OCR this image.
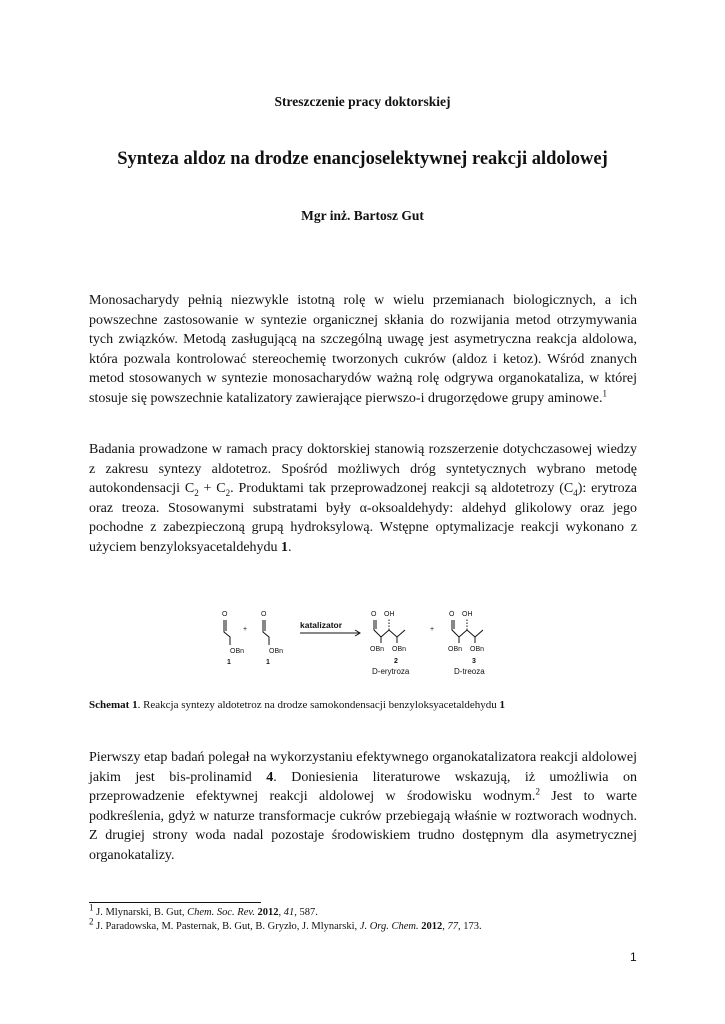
Streszczenie pracy doktorskiej
Synteza aldoz na drodze enancjoselektywnej reakcji aldolowej
Mgr inż. Bartosz Gut

Monosacharydy pełnią niezwykle istotną rolę w wielu przemianach biologicznych, a ich powszechne zastosowanie w syntezie organicznej skłania do rozwijania metod otrzymywania tych związków. Metodą zasługującą na szczególną uwagę jest asymetryczna reakcja aldolowa, która pozwala kontrolować stereochemię tworzonych cukrów (aldoz i ketoz). Wśród znanych metod stosowanych w syntezie monosacharydów ważną rolę odgrywa organokataliza, w której stosuje się powszechnie katalizatory zawierające pierwszo-i drugorzędowe grupy aminowe.$^1$

Badania prowadzone w ramach pracy doktorskiej stanowią rozszerzenie dotychczasowej wiedzy z zakresu syntezy aldotetroz. Spośród możliwych dróg syntetycznych wybrano metodę autokondensacji $C_2 + C_2$. Produktami tak przeprowadzonej reakcji są aldotetrozy $(C_4)$: erytroza oraz treoza. Stosowanymi substratami były α-oksoaldehydy: aldehyd glikolowy oraz jego pochodne z zabezpieczoną grupą hydroksylową. Wstępne optymalizacje reakcji wykonano z użyciem benzyloksyacetaldehydu 1.

O
+
OBn
1
O
OBn
1
katalizator
O OH
OBn OBn
2
D-erytroza
+
O OH
OBn OBn
3
D-treoza
Schemat 1. Reakcja syntezy aldotetroz na drodze samokondensacji benzyloksyacetaldehydu 1

Pierwszy etap badań polegał na wykorzystaniu efektywnego organokatalizatora reakcji aldolowej jakim jest bis-prolinamid 4. Doniesienia literaturowe wskazują, iż umożliwia on przeprowadzenie efektywnej reakcji aldolowej w środowisku wodnym.$^2$ Jest to warte podkreślenia, gdyż w naturze transformacje cukrów przebiegają właśnie w roztworach wodnych. Z drugiej strony woda nadal pozostaje środowiskiem trudno dostępnym dla asymetrycznej organokatalizy.

$^1$ J. Mlynarski, B. Gut, Chem. Soc. Rev. 2012, 41, 587.
$^2$ J. Paradowska, M. Pasternak, B. Gut, B. Gryzło, J. Mlynarski, J. Org. Chem. 2012, 77, 173.
1
